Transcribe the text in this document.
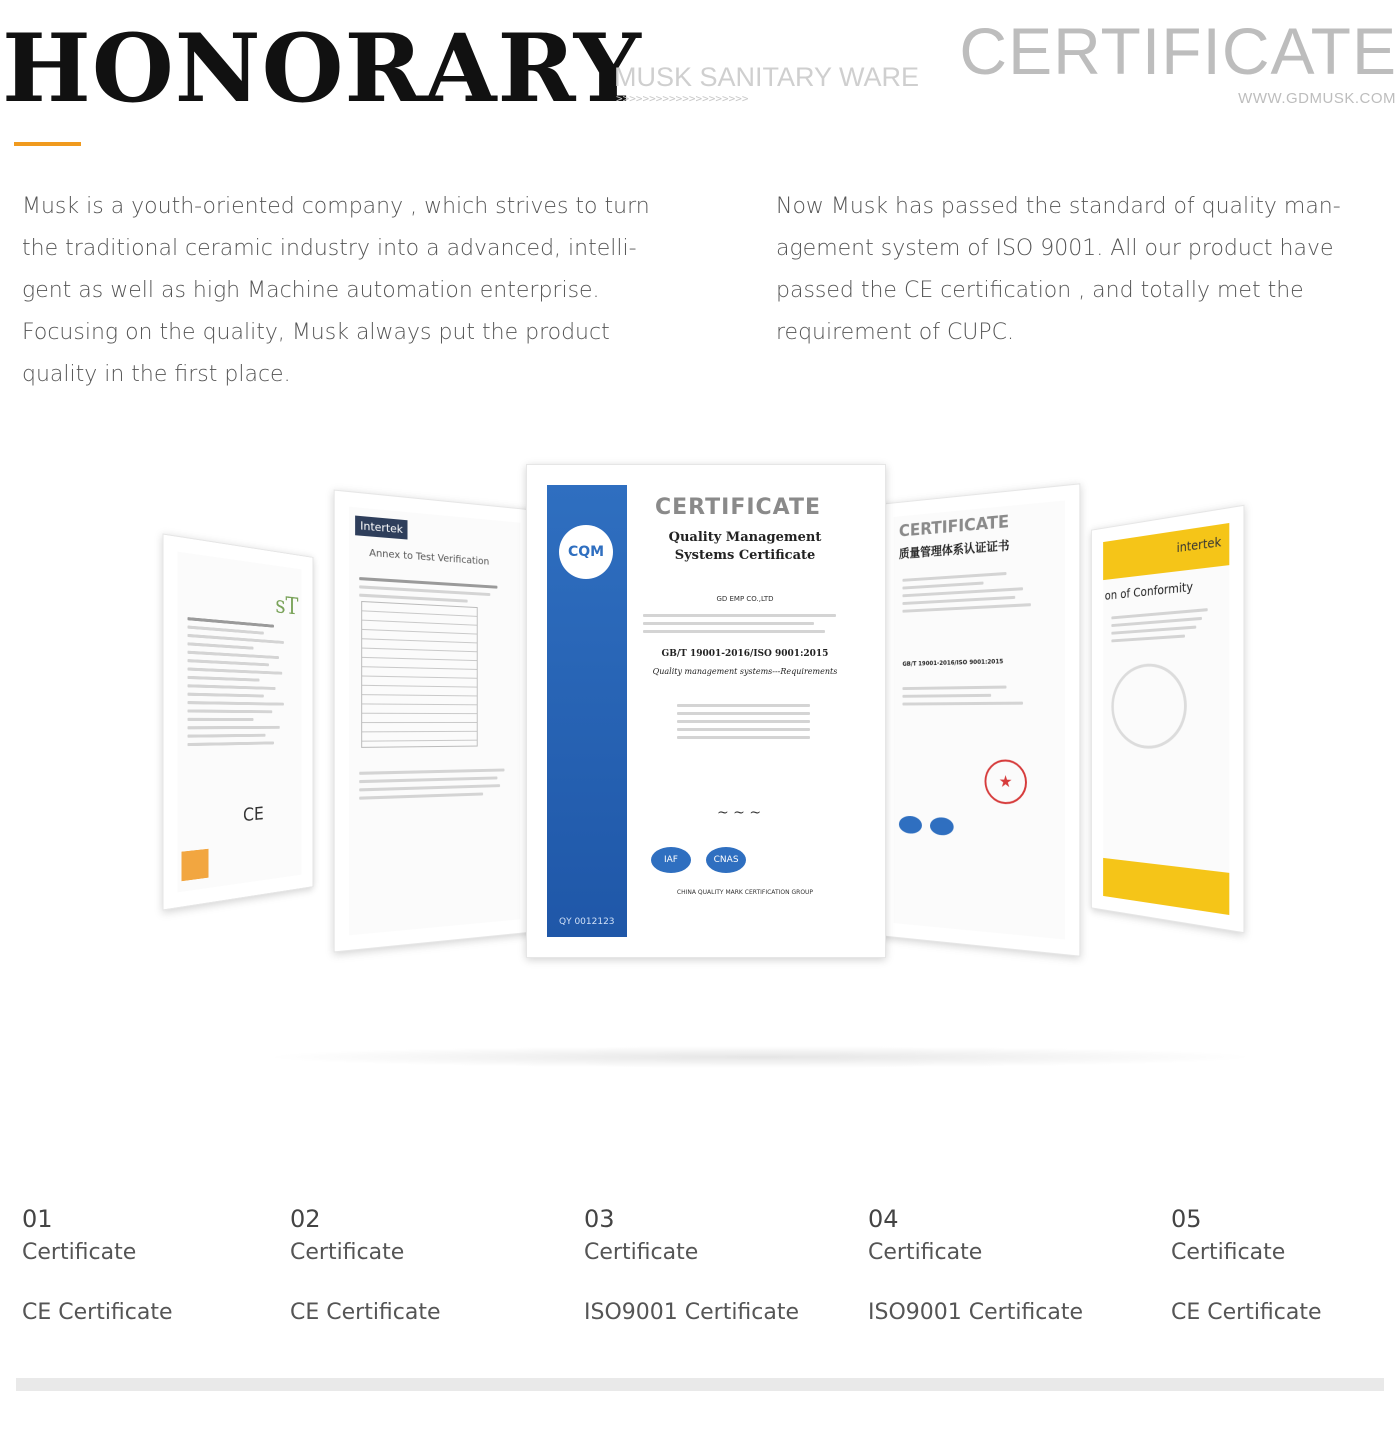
HONORARY
MUSK SANITARY WARE
>>>>>>>>>>>>>>>>>>>>
CERTIFICATE
WWW.GDMUSK.COM
Musk is a youth-oriented company , which strives to turn
the traditional ceramic industry into a advanced, intelli-
gent as well as high Machine automation enterprise.
Focusing on the quality, Musk always put the product
quality in the first place.
Now Musk has passed the standard of quality man-
agement system of ISO 9001. All our product have
passed the CE certification , and totally met the
requirement of CUPC.
sT
CE
Intertek
Annex to Test Verification	CQM
QY 0012123
CERTIFICATE
Quality Management Systems Certificate
GD EMP CO.,LTD
GB/T 19001-2016/ISO 9001:2015
Quality management systems---Requirements
~ ~ ~
IAF	CNAS
CHINA QUALITY MARK CERTIFICATION GROUP
CERTIFICATE
质量管理体系认证证书
GB/T 19001-2016/ISO 9001:2015
★

intertek
on of Conformity
01
Certificate
CE Certificate
02
Certificate
CE Certificate
03
Certificate
ISO9001 Certificate
04
Certificate
ISO9001 Certificate
05
Certificate
CE Certificate
